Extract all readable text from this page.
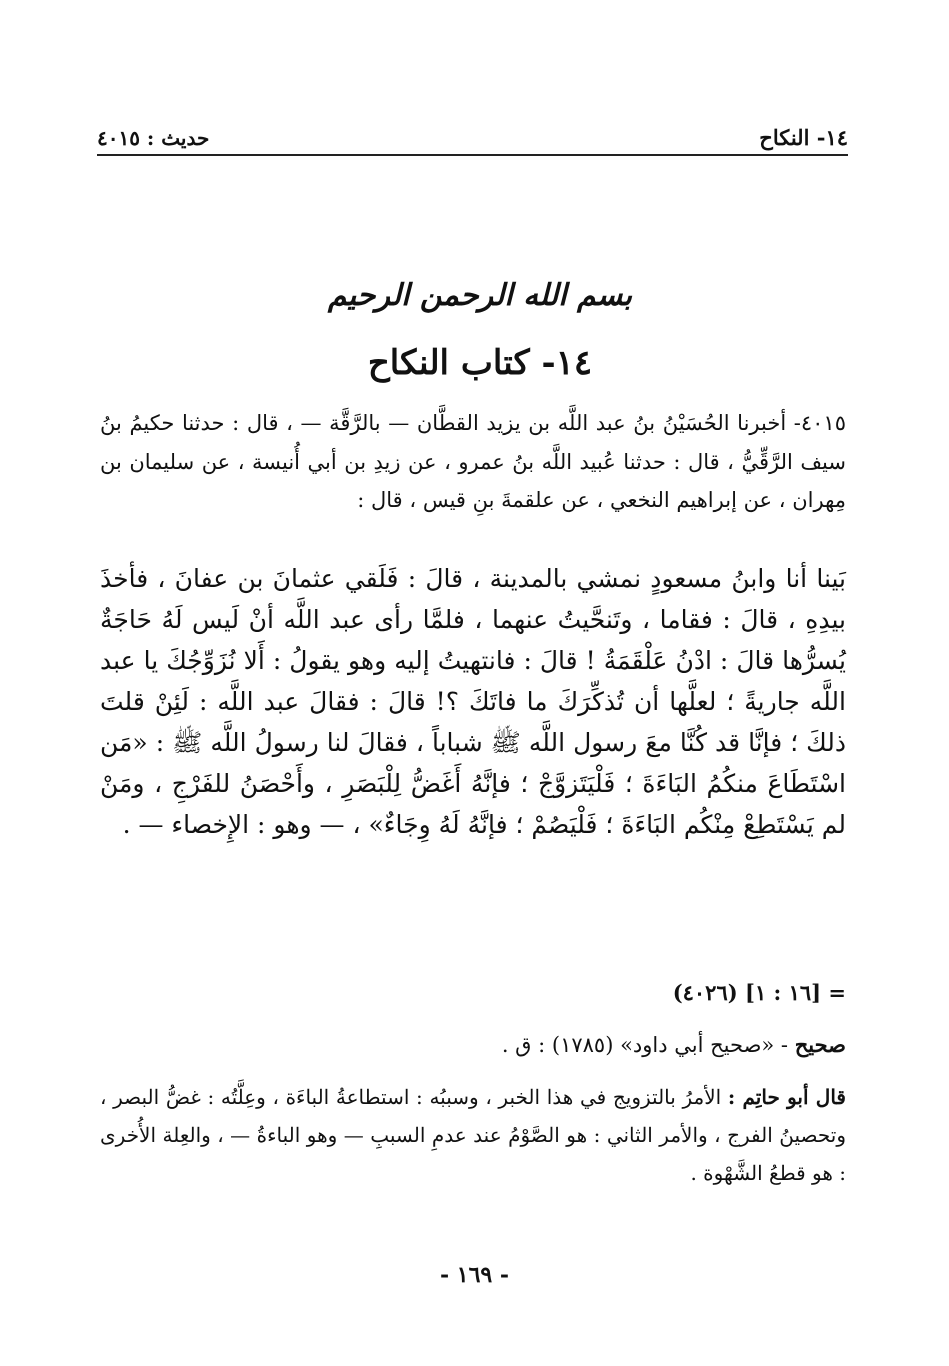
١٤- النكاح
حديث : ٤٠١٥
بسم الله الرحمن الرحيم
١٤- كتاب النكاح
٤٠١٥- أخبرنا الحُسَيْنُ بنُ عبد اللَّه بن يزيد القطَّان — بالرَّقَّة — ، قال : حدثنا حكيمُ بنُ سيف الرَّقِّيُّ ، قال : حدثنا عُبيد اللَّه بنُ عمرو ، عن زيدِ بن أبي أُنيسة ، عن سليمان بن مِهران ، عن إبراهيم النخعي ، عن علقمةَ بنِ قيس ، قال :
بَينا أنا وابنُ مسعودٍ نمشي بالمدينة ، قالَ : فَلَقي عثمانَ بن عفانَ ، فأخذَ بيدِهِ ، قالَ : فقاما ، وتَنحَّيتُ عنهما ، فلمَّا رأى عبد اللَّه أنْ لَيس لَهُ حَاجَةٌ يُسرُّها قالَ : ادْنُ عَلْقَمَةُ ! قالَ : فانتهيتُ إليه وهو يقولُ : أَلا نُزَوِّجُكَ يا عبد اللَّه جاريةً ؛ لعلَّها أن تُذكِّرَكَ ما فاتَكَ ؟! قالَ : فقالَ عبد اللَّه : لَئِنْ قلتَ ذلكَ ؛ فإنَّا قد كُنَّا معَ رسول اللَّه ﷺ شباباً ، فقالَ لنا رسولُ اللَّه ﷺ : «مَن اسْتَطَاعَ منكُمُ البَاءَةَ ؛ فَلْيَتَزوَّجْ ؛ فإنَّهُ أَغَضُّ لِلْبَصَرِ ، وأَحْصَنُ للفَرْجِ ، ومَنْ لم يَسْتَطِعْ مِنْكُم البَاءَةَ ؛ فَلْيَصُمْ ؛ فإنَّهُ لَهُ وِجَاءٌ» ، — وهو : الإِخصاء — .
= [١٦ : ١] (٤٠٢٦)
صحيح - «صحيح أبي داود» (١٧٨٥) : ق .
قال أبو حاتِم : الأمرُ بالتزويج في هذا الخبر ، وسببُه : استطاعةُ الباءَة ، وعِلَّتُه : غضُّ البصر ، وتحصينُ الفرج ، والأمر الثاني : هو الصَّوْمُ عند عدمِ السببِ — وهو الباءةُ — ، والعِلة الأُخرى : هو قطعُ الشَّهْوة .
- ١٦٩ -
